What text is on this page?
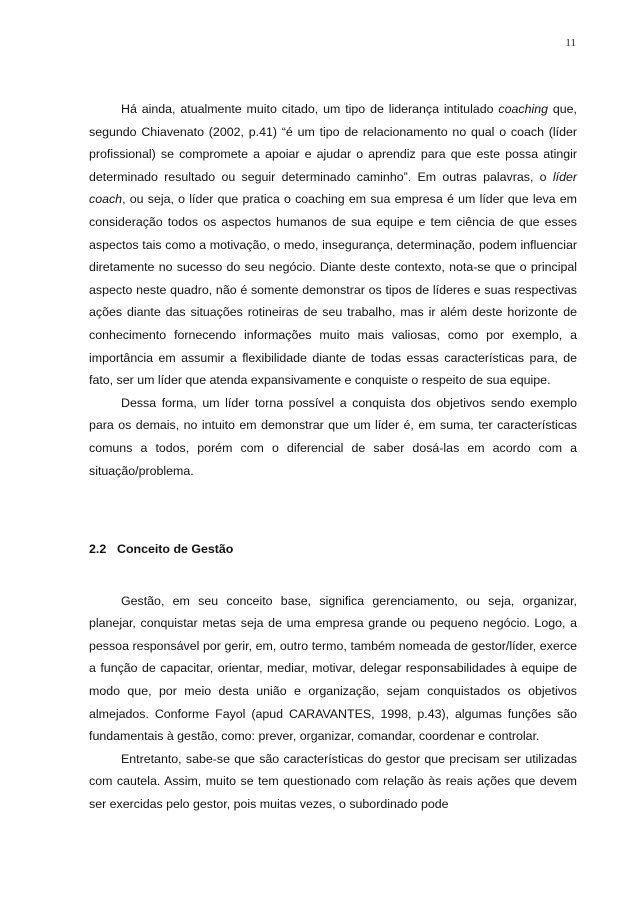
11

Há ainda, atualmente muito citado, um tipo de liderança intitulado coaching que, segundo Chiavenato (2002, p.41) “é um tipo de relacionamento no qual o coach (líder profissional) se compromete a apoiar e ajudar o aprendiz para que este possa atingir determinado resultado ou seguir determinado caminho”. Em outras palavras, o líder coach, ou seja, o líder que pratica o coaching em sua empresa é um líder que leva em consideração todos os aspectos humanos de sua equipe e tem ciência de que esses aspectos tais como a motivação, o medo, insegurança, determinação, podem influenciar diretamente no sucesso do seu negócio. Diante deste contexto, nota-se que o principal aspecto neste quadro, não é somente demonstrar os tipos de líderes e suas respectivas ações diante das situações rotineiras de seu trabalho, mas ir além deste horizonte de conhecimento fornecendo informações muito mais valiosas, como por exemplo, a importância em assumir a flexibilidade diante de todas essas características para, de fato, ser um líder que atenda expansivamente e conquiste o respeito de sua equipe.

Dessa forma, um líder torna possível a conquista dos objetivos sendo exemplo para os demais, no intuito em demonstrar que um líder é, em suma, ter características comuns a todos, porém com o diferencial de saber dosá-las em acordo com a situação/problema.

2.2 Conceito de Gestão

Gestão, em seu conceito base, significa gerenciamento, ou seja, organizar, planejar, conquistar metas seja de uma empresa grande ou pequeno negócio. Logo, a pessoa responsável por gerir, em, outro termo, também nomeada de gestor/líder, exerce a função de capacitar, orientar, mediar, motivar, delegar responsabilidades à equipe de modo que, por meio desta união e organização, sejam conquistados os objetivos almejados. Conforme Fayol (apud CARAVANTES, 1998, p.43), algumas funções são fundamentais à gestão, como: prever, organizar, comandar, coordenar e controlar.

Entretanto, sabe-se que são características do gestor que precisam ser utilizadas com cautela. Assim, muito se tem questionado com relação às reais ações que devem ser exercidas pelo gestor, pois muitas vezes, o subordinado pode
